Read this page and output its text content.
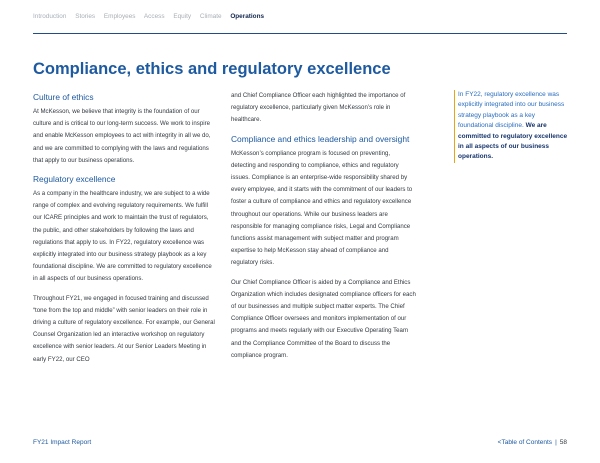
Introduction Stories Employees Access Equity Climate Operations
Compliance, ethics and regulatory excellence
Culture of ethics

At McKesson, we believe that integrity is the foundation of our culture and is critical to our long-term success. We work to inspire and enable McKesson employees to act with integrity in all we do, and we are committed to complying with the laws and regulations that apply to our business operations.

Regulatory excellence

As a company in the healthcare industry, we are subject to a wide range of complex and evolving regulatory requirements. We fulfill our ICARE principles and work to maintain the trust of regulators, the public, and other stakeholders by following the laws and regulations that apply to us. In FY22, regulatory excellence was explicitly integrated into our business strategy playbook as a key foundational discipline. We are committed to regulatory excellence in all aspects of our business operations.

Throughout FY21, we engaged in focused training and discussed “tone from the top and middle” with senior leaders on their role in driving a culture of regulatory excellence. For example, our General Counsel Organization led an interactive workshop on regulatory excellence with senior leaders. At our Senior Leaders Meeting in early FY22, our CEO

and Chief Compliance Officer each highlighted the importance of regulatory excellence, particularly given McKesson’s role in healthcare.

Compliance and ethics leadership and oversight

McKesson’s compliance program is focused on preventing, detecting and responding to compliance, ethics and regulatory issues. Compliance is an enterprise-wide responsibility shared by every employee, and it starts with the commitment of our leaders to foster a culture of compliance and ethics and regulatory excellence throughout our operations. While our business leaders are responsible for managing compliance risks, Legal and Compliance functions assist management with subject matter and program expertise to help McKesson stay ahead of compliance and regulatory risks.

Our Chief Compliance Officer is aided by a Compliance and Ethics Organization which includes designated compliance officers for each of our businesses and multiple subject matter experts. The Chief Compliance Officer oversees and monitors implementation of our programs and meets regularly with our Executive Operating Team and the Compliance Committee of the Board to discuss the compliance program.

In FY22, regulatory excellence was explicitly integrated into our business strategy playbook as a key foundational discipline. We are committed to regulatory excellence in all aspects of our business operations.

FY21 Impact Report	<Table of Contents | 58
